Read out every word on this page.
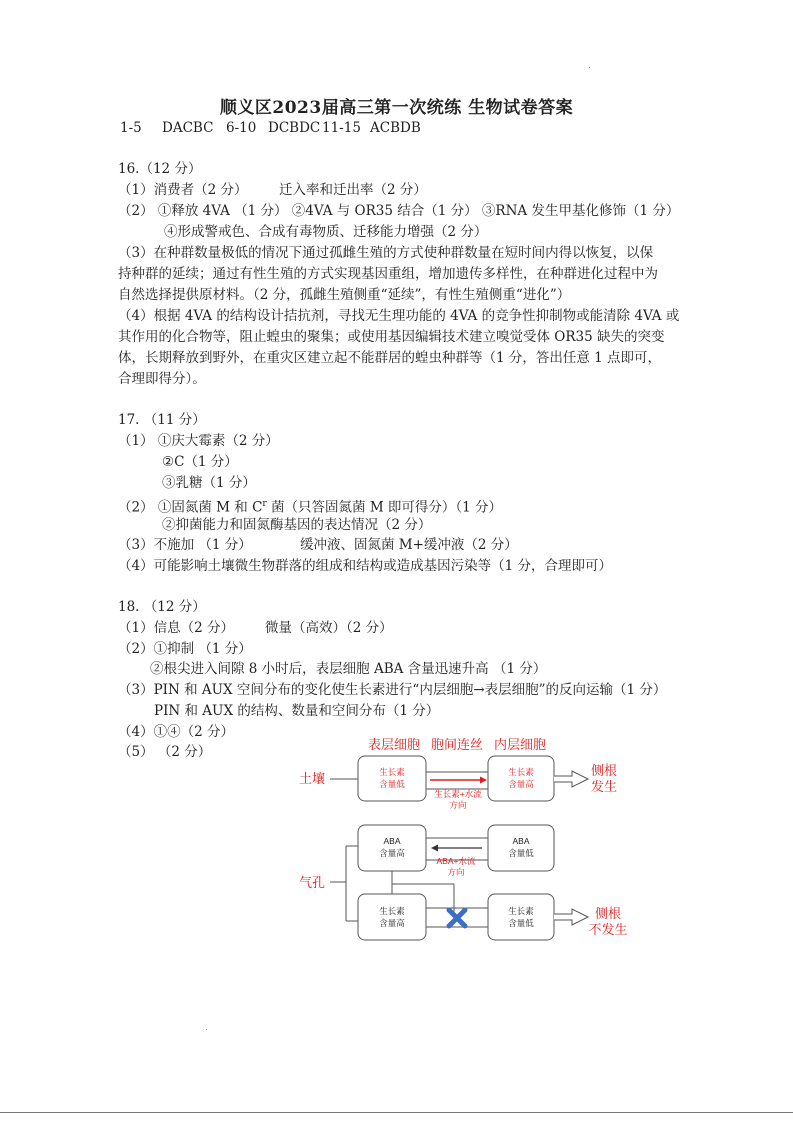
顺义区2023届高三第一次统练 生物试卷答案
1-5 DACBC 6-10 DCBDC 11-15 ACBDB
16.（12 分）
（1）消费者（2 分） 迁入率和迁出率（2 分）
（2） ①释放 4VA （1 分） ②4VA 与 OR35 结合（1 分） ③RNA 发生甲基化修饰（1 分）
④形成警戒色、合成有毒物质、迁移能力增强（2 分）
（3）在种群数量极低的情况下通过孤雌生殖的方式使种群数量在短时间内得以恢复，以保
持种群的延续；通过有性生殖的方式实现基因重组，增加遗传多样性，在种群进化过程中为
自然选择提供原材料。（2 分，孤雌生殖侧重“延续”，有性生殖侧重“进化”）
（4）根据 4VA 的结构设计拮抗剂，寻找无生理功能的 4VA 的竞争性抑制物或能清除 4VA 或
其作用的化合物等，阻止蝗虫的聚集；或使用基因编辑技术建立嗅觉受体 OR35 缺失的突变
体，长期释放到野外，在重灾区建立起不能群居的蝗虫种群等（1 分，答出任意 1 点即可，
合理即得分）。
17. （11 分）
（1） ①庆大霉素（2 分）
②C（1 分）
③乳糖（1 分）
（2） ①固氮菌 M 和 $C^r$ 菌（只答固氮菌 M 即可得分）（1 分）
②抑菌能力和固氮酶基因的表达情况（2 分）
（3）不施加 （1 分）	缓冲液、固氮菌 M+缓冲液（2 分）
（4）可能影响土壤微生物群落的组成和结构或造成基因污染等（1 分，合理即可）
18. （12 分）
（1）信息（2 分） 微量（高效）（2 分）
（2）①抑制 （1 分）
②根尖进入间隙 8 小时后，表层细胞 ABA 含量迅速升高 （1 分）
（3）PIN 和 AUX 空间分布的变化使生长素进行“内层细胞→表层细胞”的反向运输（1 分）
PIN 和 AUX 的结构、数量和空间分布（1 分）
（4）①④（2 分）
（5） （2 分）	表层细胞 胞间连丝 内层细胞
土壤	生长素
含量低
生长素
含量高
生长素+水流
方向
侧根
发生
气孔
ABA
含量高
ABA
含量低
ABA+水流
方向
生长素
含量高
生长素
含量低
侧根
不发生
